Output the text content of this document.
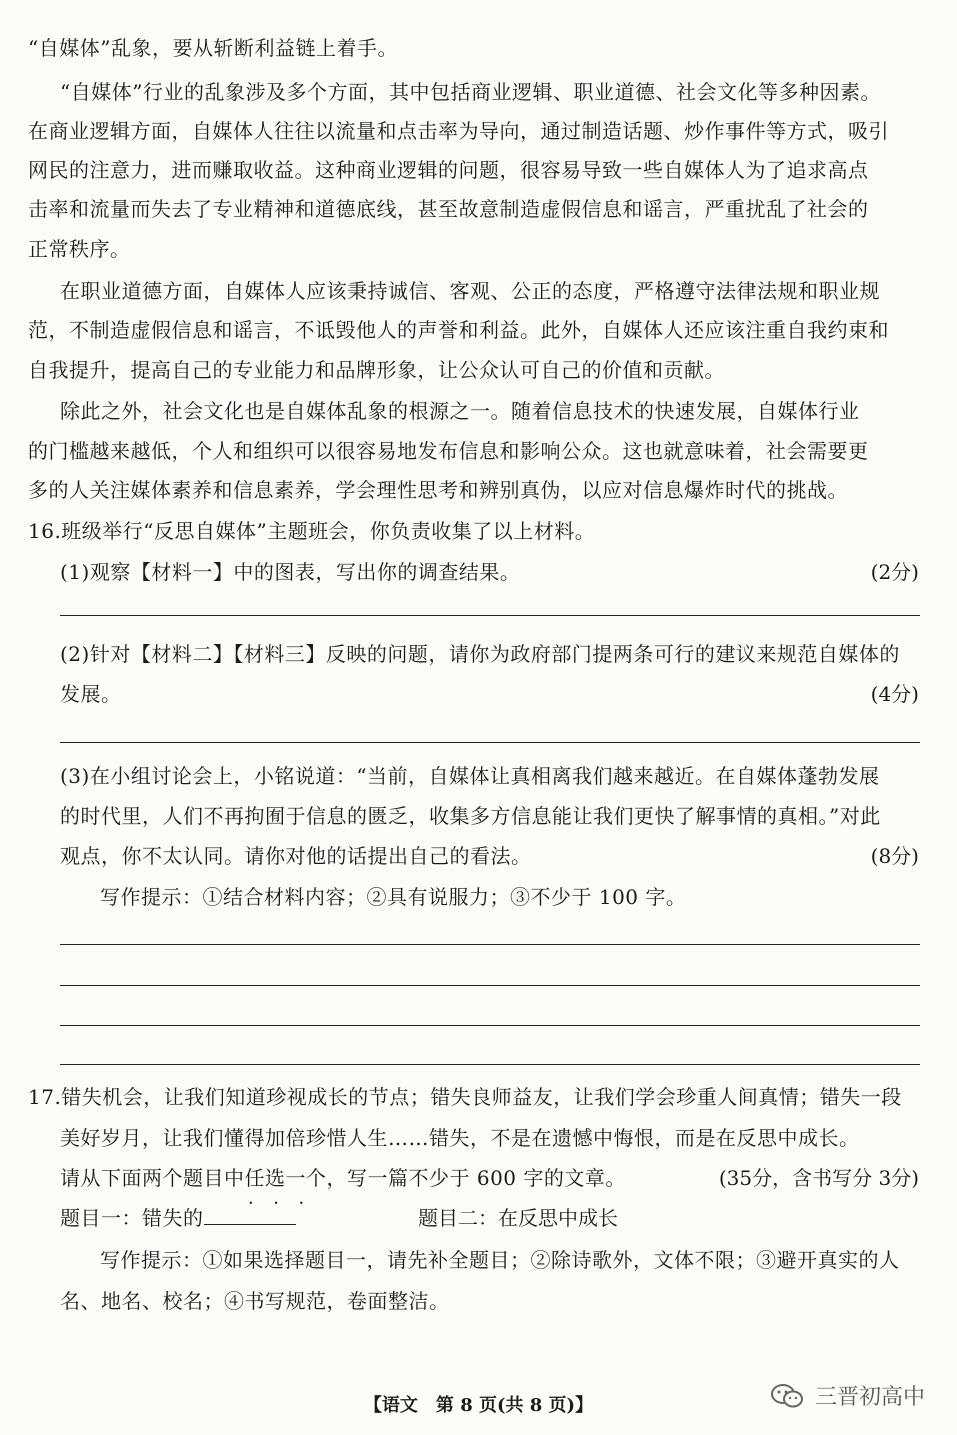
“自媒体”乱象，要从斩断利益链上着手。
“自媒体”行业的乱象涉及多个方面，其中包括商业逻辑、职业道德、社会文化等多种因素。
在商业逻辑方面，自媒体人往往以流量和点击率为导向，通过制造话题、炒作事件等方式，吸引
网民的注意力，进而赚取收益。这种商业逻辑的问题，很容易导致一些自媒体人为了追求高点
击率和流量而失去了专业精神和道德底线，甚至故意制造虚假信息和谣言，严重扰乱了社会的
正常秩序。
在职业道德方面，自媒体人应该秉持诚信、客观、公正的态度，严格遵守法律法规和职业规
范，不制造虚假信息和谣言，不诋毁他人的声誉和利益。此外，自媒体人还应该注重自我约束和
自我提升，提高自己的专业能力和品牌形象，让公众认可自己的价值和贡献。
除此之外，社会文化也是自媒体乱象的根源之一。随着信息技术的快速发展，自媒体行业
的门槛越来越低，个人和组织可以很容易地发布信息和影响公众。这也就意味着，社会需要更
多的人关注媒体素养和信息素养，学会理性思考和辨别真伪，以应对信息爆炸时代的挑战。
16.班级举行“反思自媒体”主题班会，你负责收集了以上材料。
(1)观察【材料一】中的图表，写出你的调查结果。	(2分)
(2)针对【材料二】【材料三】反映的问题，请你为政府部门提两条可行的建议来规范自媒体的
发展。	(4分)
(3)在小组讨论会上，小铭说道：“当前，自媒体让真相离我们越来越近。在自媒体蓬勃发展
的时代里，人们不再拘囿于信息的匮乏，收集多方信息能让我们更快了解事情的真相。”对此
观点，你不太认同。请你对他的话提出自己的看法。	(8分)
写作提示：①结合材料内容；②具有说服力；③不少于 100 字。
17.错失机会，让我们知道珍视成长的节点；错失良师益友，让我们学会珍重人间真情；错失一段
美好岁月，让我们懂得加倍珍惜人生……错失，不是在遗憾中悔恨，而是在反思中成长。
请从下面两个题目中任选一个 • • •，写一篇不少于 600 字的文章。	(35分，含书写分 3分)
题目一：错失的	题目二：在反思中成长
写作提示：①如果选择题目一，请先补全题目；②除诗歌外，文体不限；③避开真实的人
名、地名、校名；④书写规范，卷面整洁。
【语文　第 8 页(共 8 页)】	三晋初高中
